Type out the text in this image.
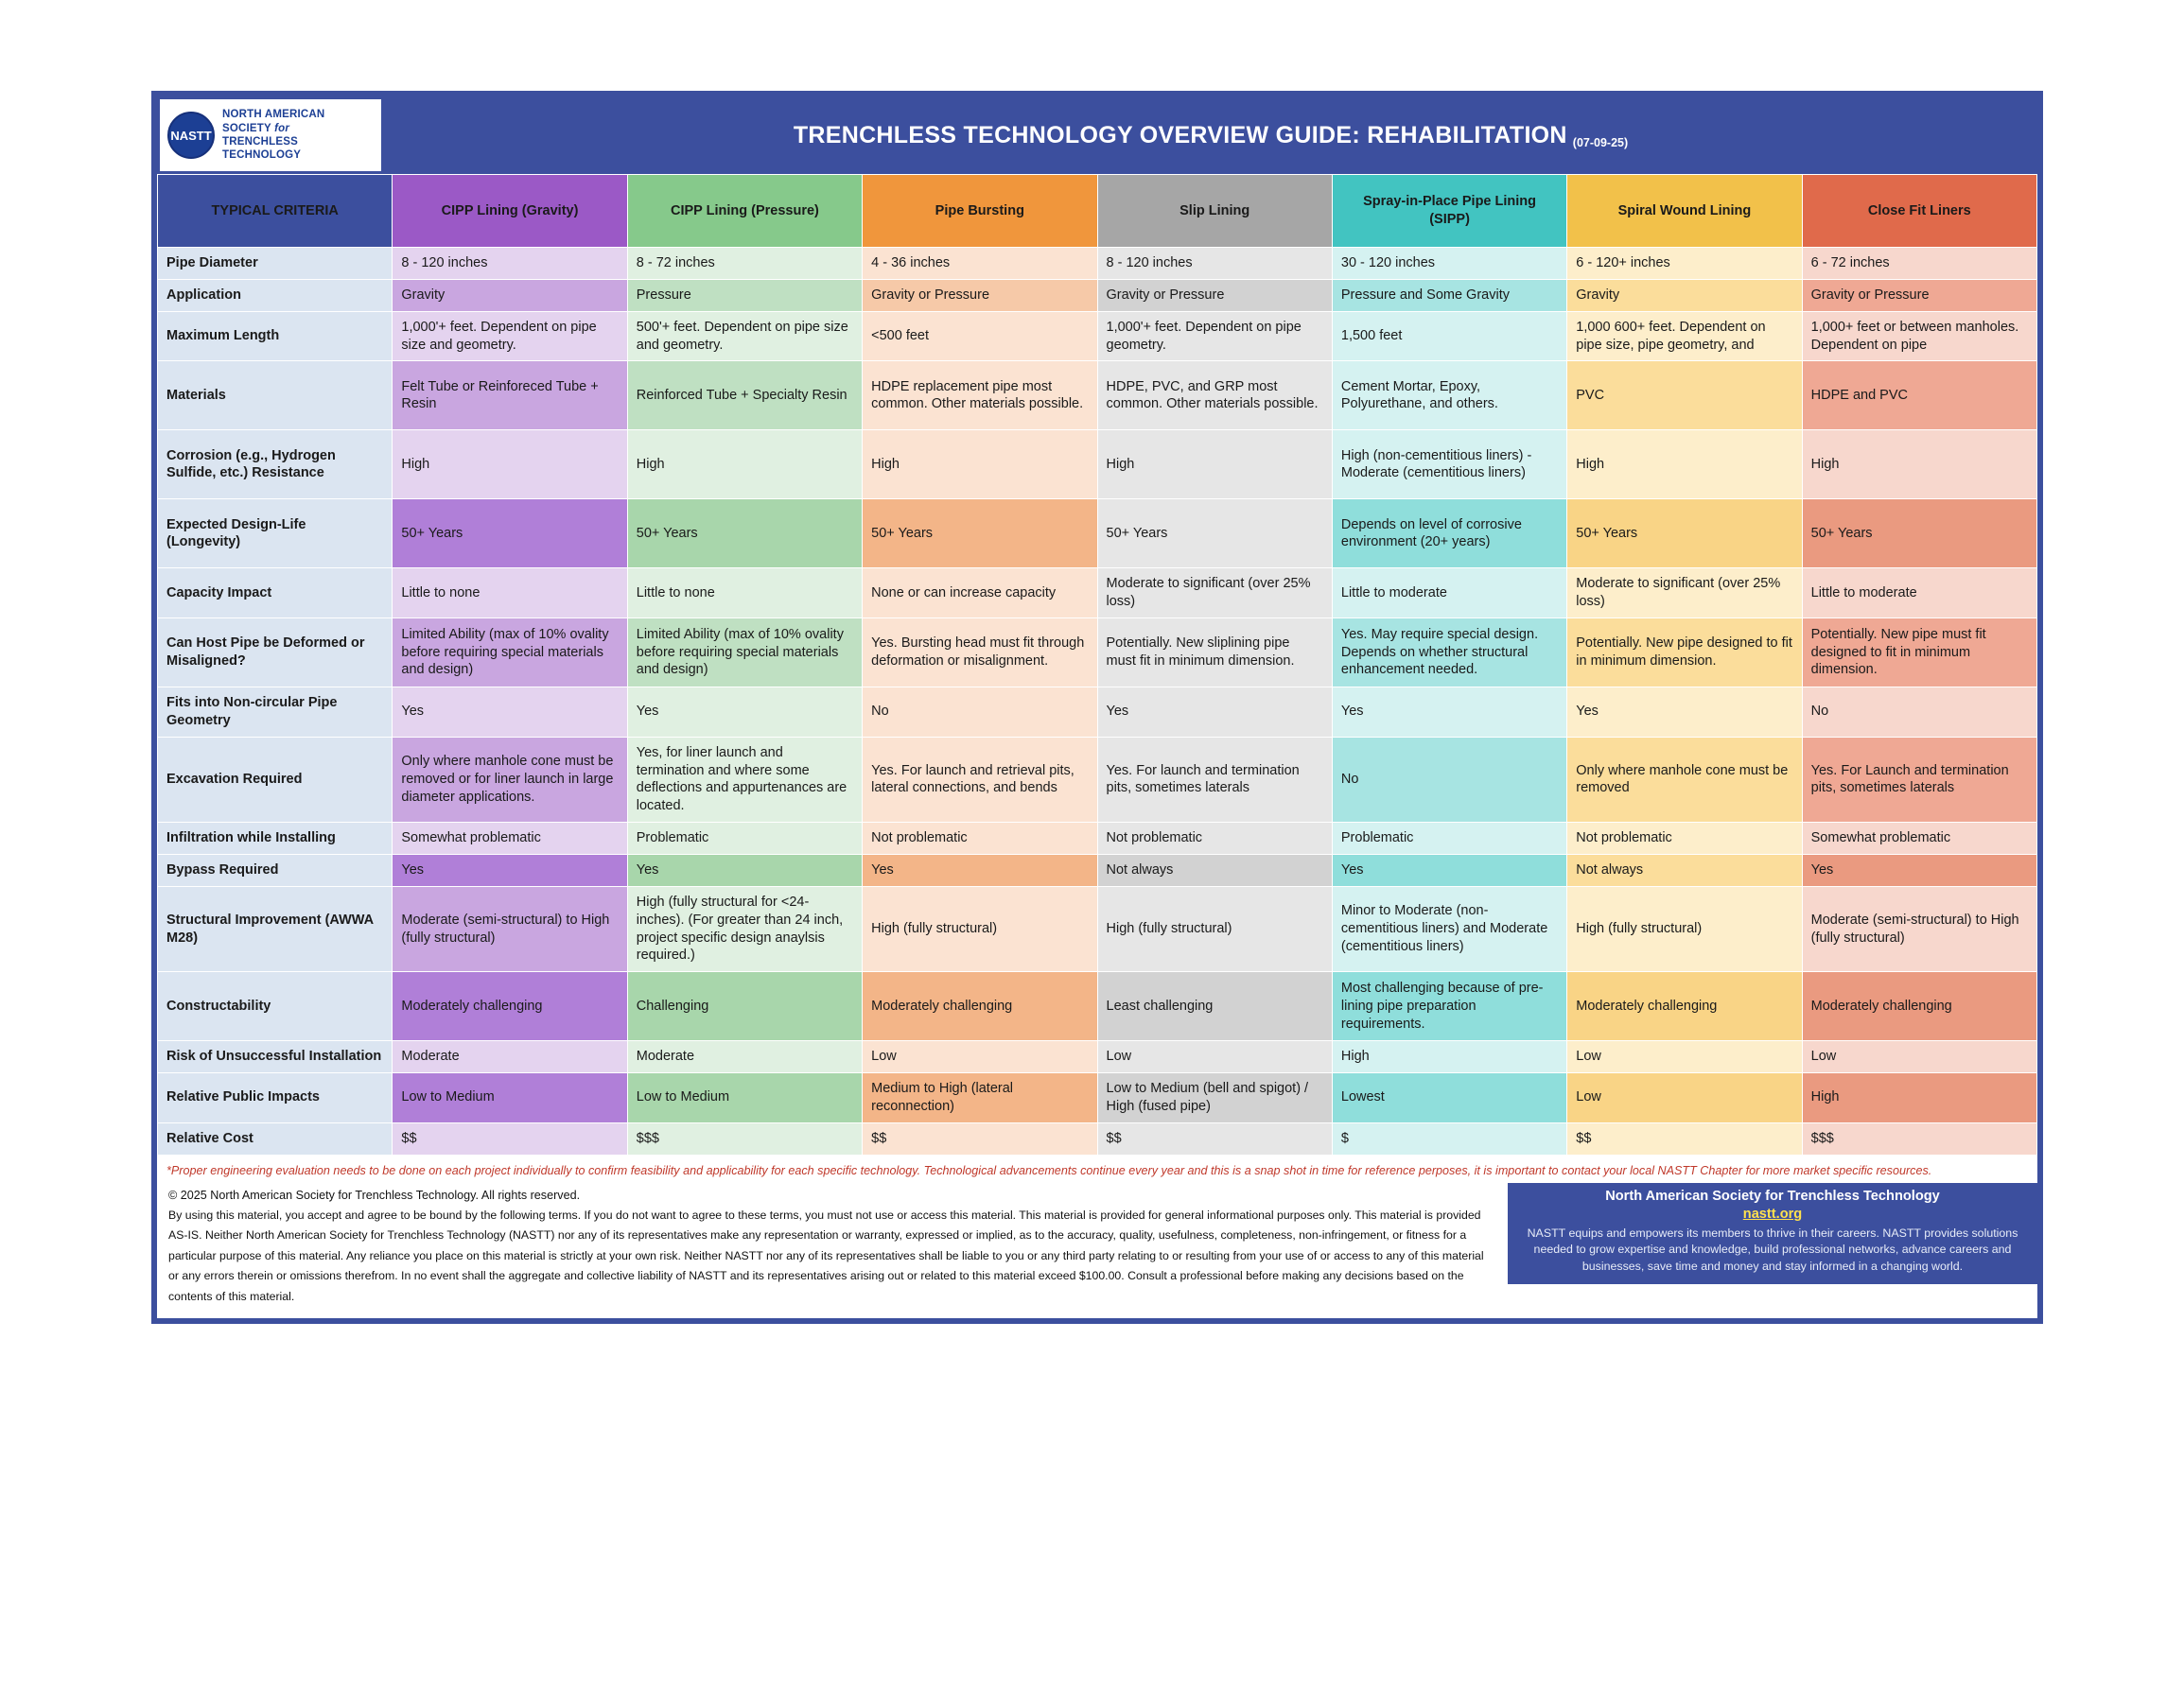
NASTT
NORTH AMERICAN SOCIETY for
TRENCHLESS TECHNOLOGY
TRENCHLESS TECHNOLOGY OVERVIEW GUIDE: REHABILITATION $_{(07-09-25)}$
TYPICAL CRITERIA	CIPP Lining (Gravity)	CIPP Lining (Pressure)	Pipe Bursting	Slip Lining	Spray-in-Place Pipe Lining (SIPP)	Spiral Wound Lining	Close Fit Liners
Pipe Diameter	8 - 120 inches	8 - 72 inches	4 - 36 inches	8 - 120 inches	30 - 120 inches	6 - 120+ inches	6 - 72 inches
Application	Gravity	Pressure	Gravity or Pressure	Gravity or Pressure	Pressure and Some Gravity	Gravity	Gravity or Pressure
Maximum Length	1,000'+ feet. Dependent on pipe size and geometry.	500'+ feet. Dependent on pipe size and geometry.	<500 feet	1,000'+ feet. Dependent on pipe geometry.	1,500 feet	1,000 600+ feet. Dependent on pipe size, pipe geometry, and	1,000+ feet or between manholes. Dependent on pipe
Materials	Felt Tube or Reinforeced Tube + Resin	Reinforced Tube + Specialty Resin	HDPE replacement pipe most common. Other materials possible.	HDPE, PVC, and GRP most common. Other materials possible.	Cement Mortar, Epoxy, Polyurethane, and others.	PVC	HDPE and PVC
Corrosion (e.g., Hydrogen Sulfide, etc.) Resistance	High	High	High	High	High (non-cementitious liners) - Moderate (cementitious liners)	High	High
Expected Design-Life (Longevity)	50+ Years	50+ Years	50+ Years	50+ Years	Depends on level of corrosive environment (20+ years)	50+ Years	50+ Years
Capacity Impact	Little to none	Little to none	None or can increase capacity	Moderate to significant (over 25% loss)	Little to moderate	Moderate to significant (over 25% loss)	Little to moderate
Can Host Pipe be Deformed or Misaligned?	Limited Ability (max of 10% ovality before requiring special materials and design)	Limited Ability (max of 10% ovality before requiring special materials and design)	Yes. Bursting head must fit through deformation or misalignment.	Potentially. New sliplining pipe must fit in minimum dimension.	Yes. May require special design. Depends on whether structural enhancement needed.	Potentially. New pipe designed to fit in minimum dimension.	Potentially. New pipe must fit designed to fit in minimum dimension.
Fits into Non-circular Pipe Geometry	Yes	Yes	No	Yes	Yes	Yes	No
Excavation Required	Only where manhole cone must be removed or for liner launch in large diameter applications.	Yes, for liner launch and termination and where some deflections and appurtenances are located.	Yes. For launch and retrieval pits, lateral connections, and bends	Yes. For launch and termination pits, sometimes laterals	No	Only where manhole cone must be removed	Yes. For Launch and termination pits, sometimes laterals
Infiltration while Installing	Somewhat problematic	Problematic	Not problematic	Not problematic	Problematic	Not problematic	Somewhat problematic
Bypass Required	Yes	Yes	Yes	Not always	Yes	Not always	Yes
Structural Improvement (AWWA M28)	Moderate (semi-structural) to High (fully structural)	High (fully structural for <24-inches). (For greater than 24 inch, project specific design anaylsis required.)	High (fully structural)	High (fully structural)	Minor to Moderate (non-cementitious liners) and Moderate (cementitious liners)	High (fully structural)	Moderate (semi-structural) to High (fully structural)
Constructability	Moderately challenging	Challenging	Moderately challenging	Least challenging	Most challenging because of pre-lining pipe preparation requirements.	Moderately challenging	Moderately challenging
Risk of Unsuccessful Installation	Moderate	Moderate	Low	Low	High	Low	Low
Relative Public Impacts	Low to Medium	Low to Medium	Medium to High (lateral reconnection)	Low to Medium (bell and spigot) / High (fused pipe)	Lowest	Low	High
Relative Cost	$$	$$$	$$	$$	$	$$	$$$
*Proper engineering evaluation needs to be done on each project individually to confirm feasibility and applicability for each specific technology. Technological advancements continue every year and this is a snap shot in time for reference perposes, it is important to contact your local NASTT Chapter for more market specific resources.
© 2025 North American Society for Trenchless Technology. All rights reserved.
By using this material, you accept and agree to be bound by the following terms. If you do not want to agree to these terms, you must not use or access this material. This material is provided for general informational purposes only. This material is provided AS-IS. Neither North American Society for Trenchless Technology (NASTT) nor any of its representatives make any representation or warranty, expressed or implied, as to the accuracy, quality, usefulness, completeness, non-infringement, or fitness for a particular purpose of this material. Any reliance you place on this material is strictly at your own risk. Neither NASTT nor any of its representatives shall be liable to you or any third party relating to or resulting from your use of or access to any of this material or any errors therein or omissions therefrom. In no event shall the aggregate and collective liability of NASTT and its representatives arising out or related to this material exceed $100.00. Consult a professional before making any decisions based on the contents of this material.
North American Society for Trenchless Technology
nastt.org
NASTT equips and empowers its members to thrive in their careers. NASTT provides solutions needed to grow expertise and knowledge, build professional networks, advance careers and businesses, save time and money and stay informed in a changing world.
